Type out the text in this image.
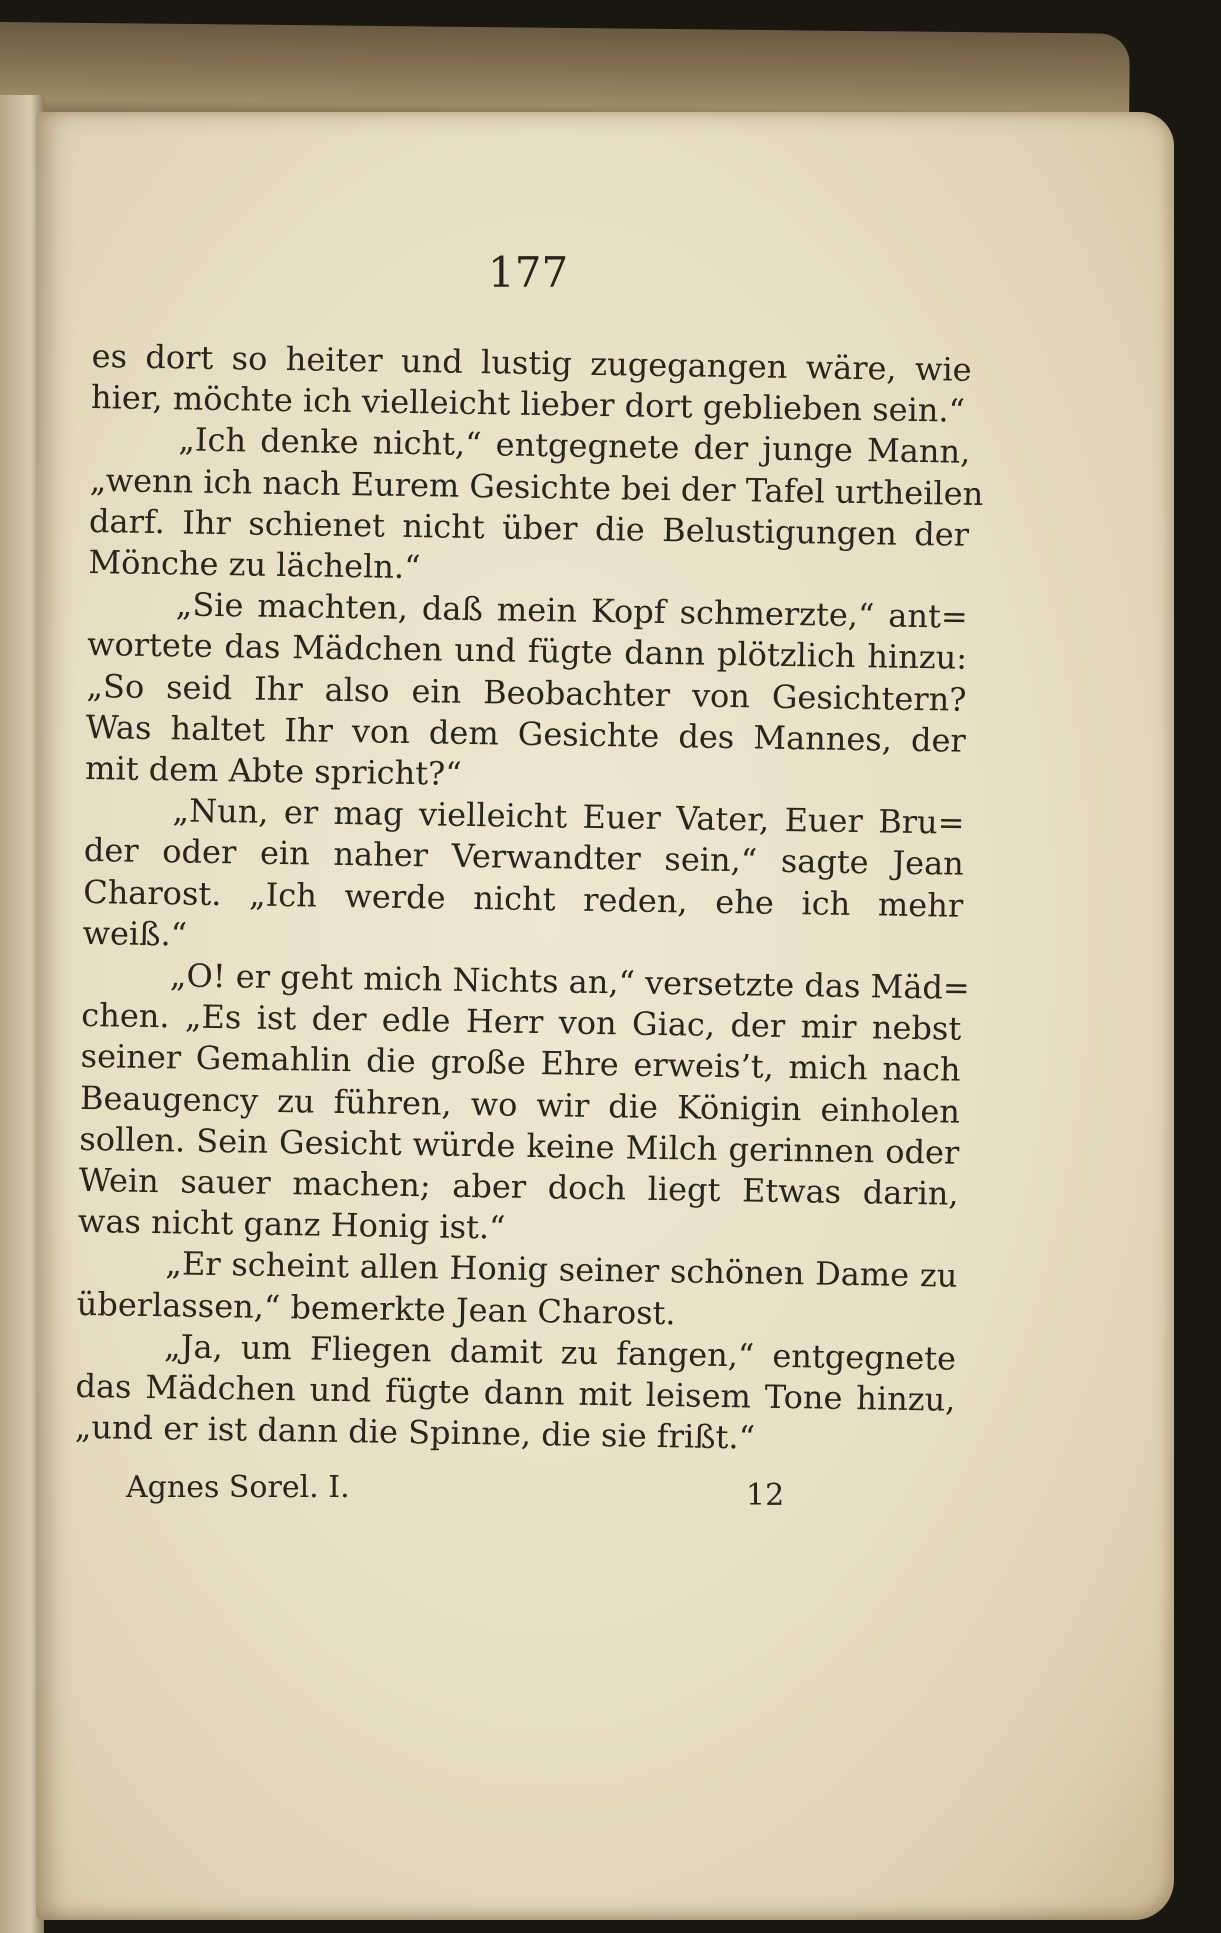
177
es dort so heiter und lustig zugegangen wäre, wie
hier, möchte ich vielleicht lieber dort geblieben sein.“
„Ich denke nicht,“ entgegnete der junge Mann,
„wenn ich nach Eurem Gesichte bei der Tafel urtheilen
darf. Ihr schienet nicht über die Belustigungen der
Mönche zu lächeln.“
„Sie machten, daß mein Kopf schmerzte,“ ant=
wortete das Mädchen und fügte dann plötzlich hinzu:
„So seid Ihr also ein Beobachter von Gesichtern?
Was haltet Ihr von dem Gesichte des Mannes, der
mit dem Abte spricht?“
„Nun, er mag vielleicht Euer Vater, Euer Bru=
der oder ein naher Verwandter sein,“ sagte Jean
Charost. „Ich werde nicht reden, ehe ich mehr
weiß.“
„O! er geht mich Nichts an,“ versetzte das Mäd=
chen. „Es ist der edle Herr von Giac, der mir nebst
seiner Gemahlin die große Ehre erweis’t, mich nach
Beaugency zu führen, wo wir die Königin einholen
sollen. Sein Gesicht würde keine Milch gerinnen oder
Wein sauer machen; aber doch liegt Etwas darin,
was nicht ganz Honig ist.“
„Er scheint allen Honig seiner schönen Dame zu
überlassen,“ bemerkte Jean Charost.
„Ja, um Fliegen damit zu fangen,“ entgegnete
das Mädchen und fügte dann mit leisem Tone hinzu,
„und er ist dann die Spinne, die sie frißt.“
Agnes Sorel. I.	12
